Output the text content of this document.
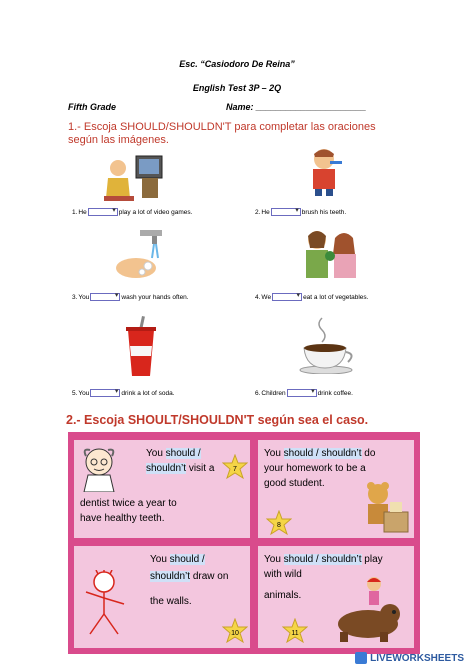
Esc. “Casiodoro De Reina”
English Test 3P – 2Q
Fifth Grade	Name: ______________________
1.- Escoja SHOULD/SHOULDN'T para completar las oraciones según las imágenes.
1. He ▾	play a lot of video games.	2. He ▾	brush his teeth.
3. You ▾	wash your hands often.	4. We ▾	eat a lot of vegetables.
5. You ▾	drink a lot of soda.	6. Children ▾	drink coffee.
2.- Escoja SHOULT/SHOULDN'T según sea el caso.
You should /
shouldn’t visit a
dentist twice a year to
have healthy teeth.
7
You should / shouldn’t do
your homework to be a
good student.
8
You should /
shouldn’t draw on
the walls.
10
You should / shouldn’t play
with wild
animals.
11
LIVEWORKSHEETS
